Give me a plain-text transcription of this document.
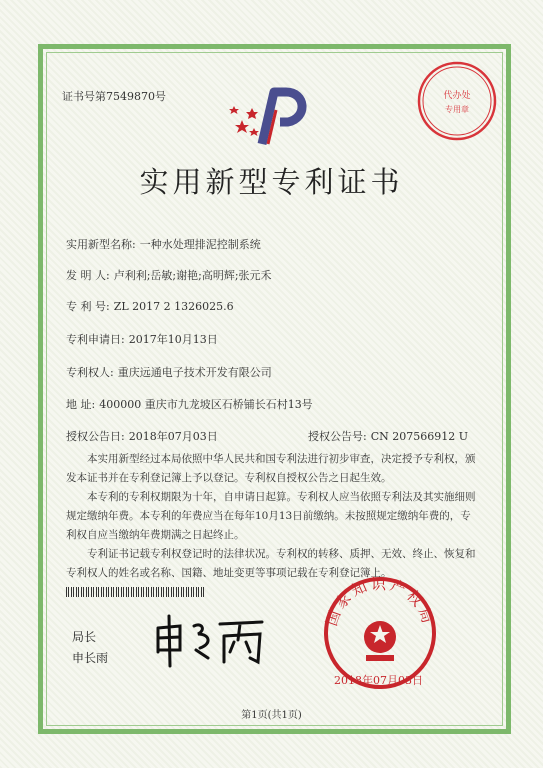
代办处
专用章
证书号第7549870号
实用新型专利证书
实用新型名称: 一种水处理排泥控制系统
发 明 人: 卢利利;岳敏;谢艳;高明辉;张元禾
专 利 号: ZL 2017 2 1326025.6
专利申请日: 2017年10月13日
专利权人: 重庆远通电子技术开发有限公司
地 址: 400000 重庆市九龙坡区石桥铺长石村13号
授权公告日: 2018年07月03日	授权公告号: CN 207566912 U

本实用新型经过本局依照中华人民共和国专利法进行初步审查，决定授予专利权，颁发本证书并在专利登记簿上予以登记。专利权自授权公告之日起生效。

本专利的专利权期限为十年，自申请日起算。专利权人应当依照专利法及其实施细则规定缴纳年费。本专利的年费应当在每年10月13日前缴纳。未按照规定缴纳年费的，专利权自应当缴纳年费期满之日起终止。

专利证书记载专利权登记时的法律状况。专利权的转移、质押、无效、终止、恢复和专利权人的姓名或名称、国籍、地址变更等事项记载在专利登记簿上。

局长
申长雨
国家知识产权局
2018年07月03日
第1页(共1页)
